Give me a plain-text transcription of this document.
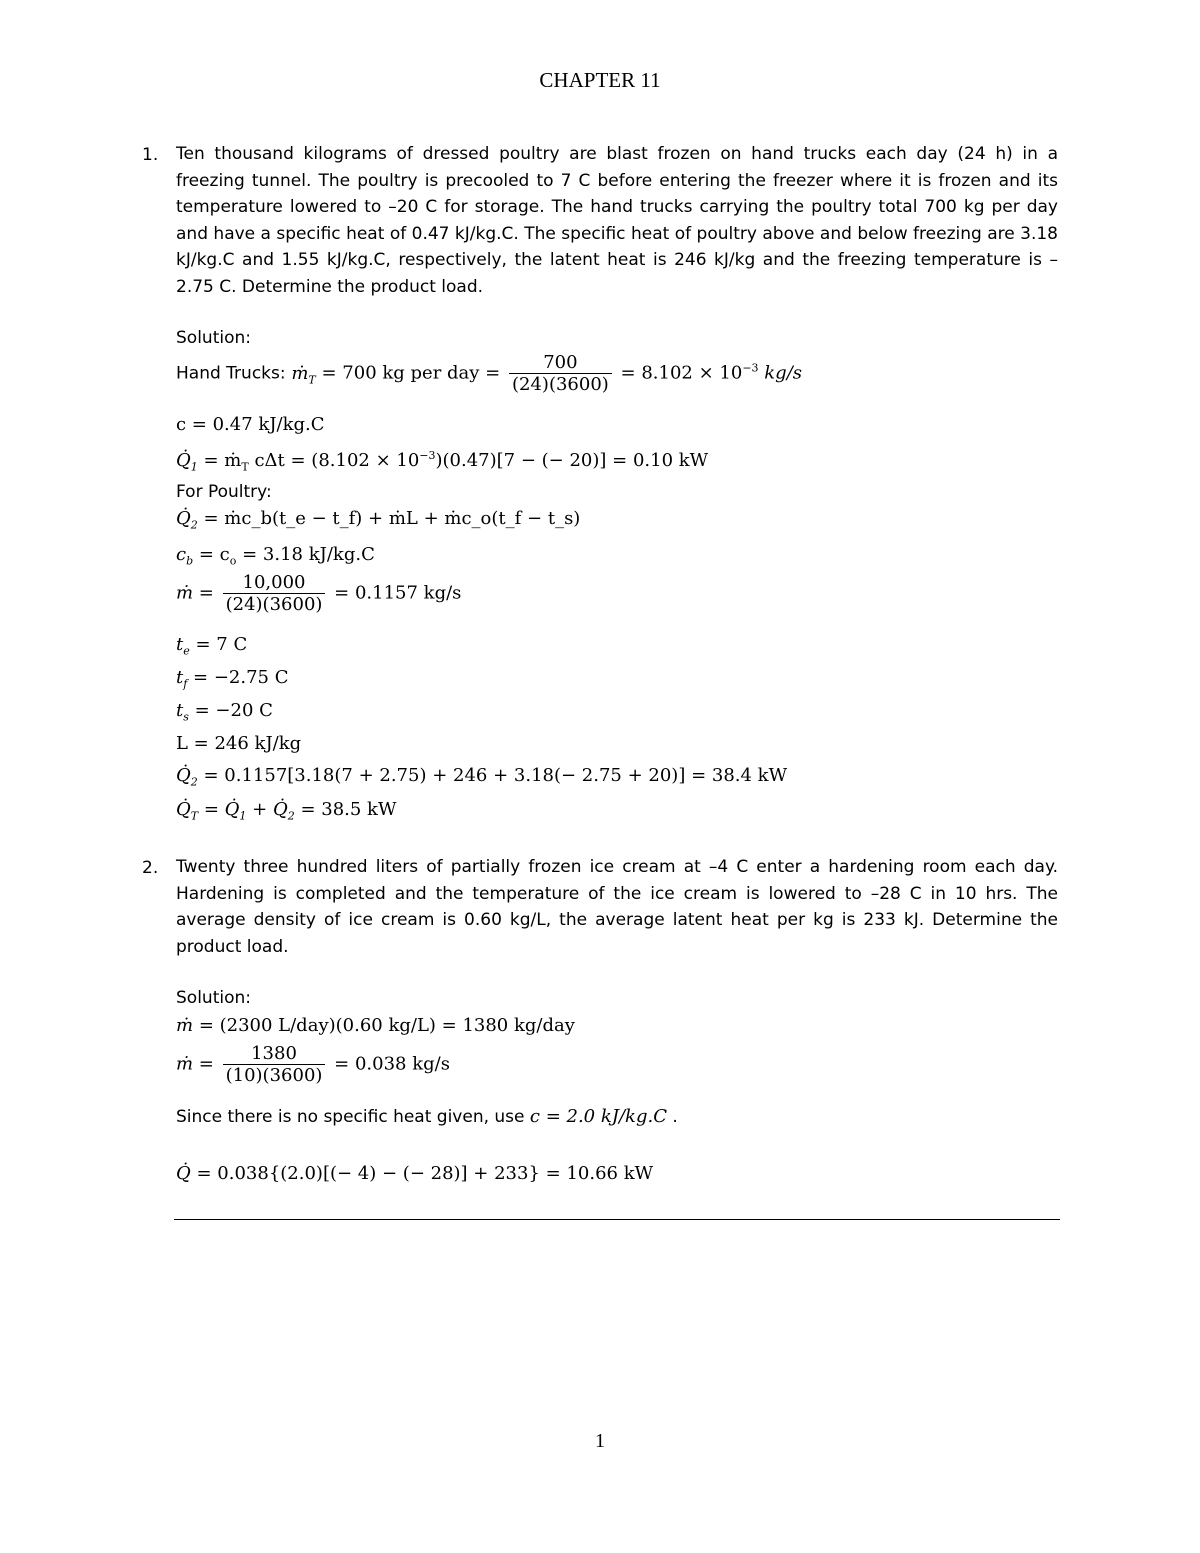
CHAPTER 11
1. Ten thousand kilograms of dressed poultry are blast frozen on hand trucks each day (24 h) in a freezing tunnel. The poultry is precooled to 7 C before entering the freezer where it is frozen and its temperature lowered to –20 C for storage. The hand trucks carrying the poultry total 700 kg per day and have a specific heat of 0.47 kJ/kg.C. The specific heat of poultry above and below freezing are 3.18 kJ/kg.C and 1.55 kJ/kg.C, respectively, the latent heat is 246 kJ/kg and the freezing temperature is –2.75 C. Determine the product load.
Solution:
Hand Trucks: ṁ$_T$ = 700 kg per day = $\frac{700}{(24)(3600)} = 8.102 \times 10^{-3}$ kg/s
c = 0.47 kJ/kg.C
$Q̇_1$ = ṁ$_T$ $c\Delta t = (8.102 \times 10^{-3})(0.47)[7$ − (− 20)] = 0.10 kW
For Poultry:
$Q̇_2$ = ṁc_b(t_e − t_f) + ṁL + ṁc_o(t_f − t_s)
$c_b = c_o = 3.18$ kJ/kg.C
ṁ = $\frac{10,000}{(24)(3600)} = 0.1157$ kg/s
$t_e = 7$ C
$t_f = -2.75$ C
$t_s = -20$ C
L = 246 kJ/kg
$Q̇_2 = 0.1157[3.18(7 + 2.75) + 246 + 3.18(- 2.75 + 20)] = 38.4$ kW
$Q̇_T$ = $Q̇_1$ + $Q̇_2 = 38.5$ kW
2. Twenty three hundred liters of partially frozen ice cream at –4 C enter a hardening room each day. Hardening is completed and the temperature of the ice cream is lowered to –28 C in 10 hrs. The average density of ice cream is 0.60 kg/L, the average latent heat per kg is 233 kJ. Determine the product load.
Solution:
ṁ = (2300 L/day)(0.60 kg/L) = 1380 kg/day
ṁ = $\frac{1380}{(10)(3600)} = 0.038$ kg/s
Since there is no specific heat given, use c = 2.0 kJ/kg.C .
Q̇ = 0.038{(2.0)[(− 4) − (− 28)] + 233} = 10.66 kW
1
